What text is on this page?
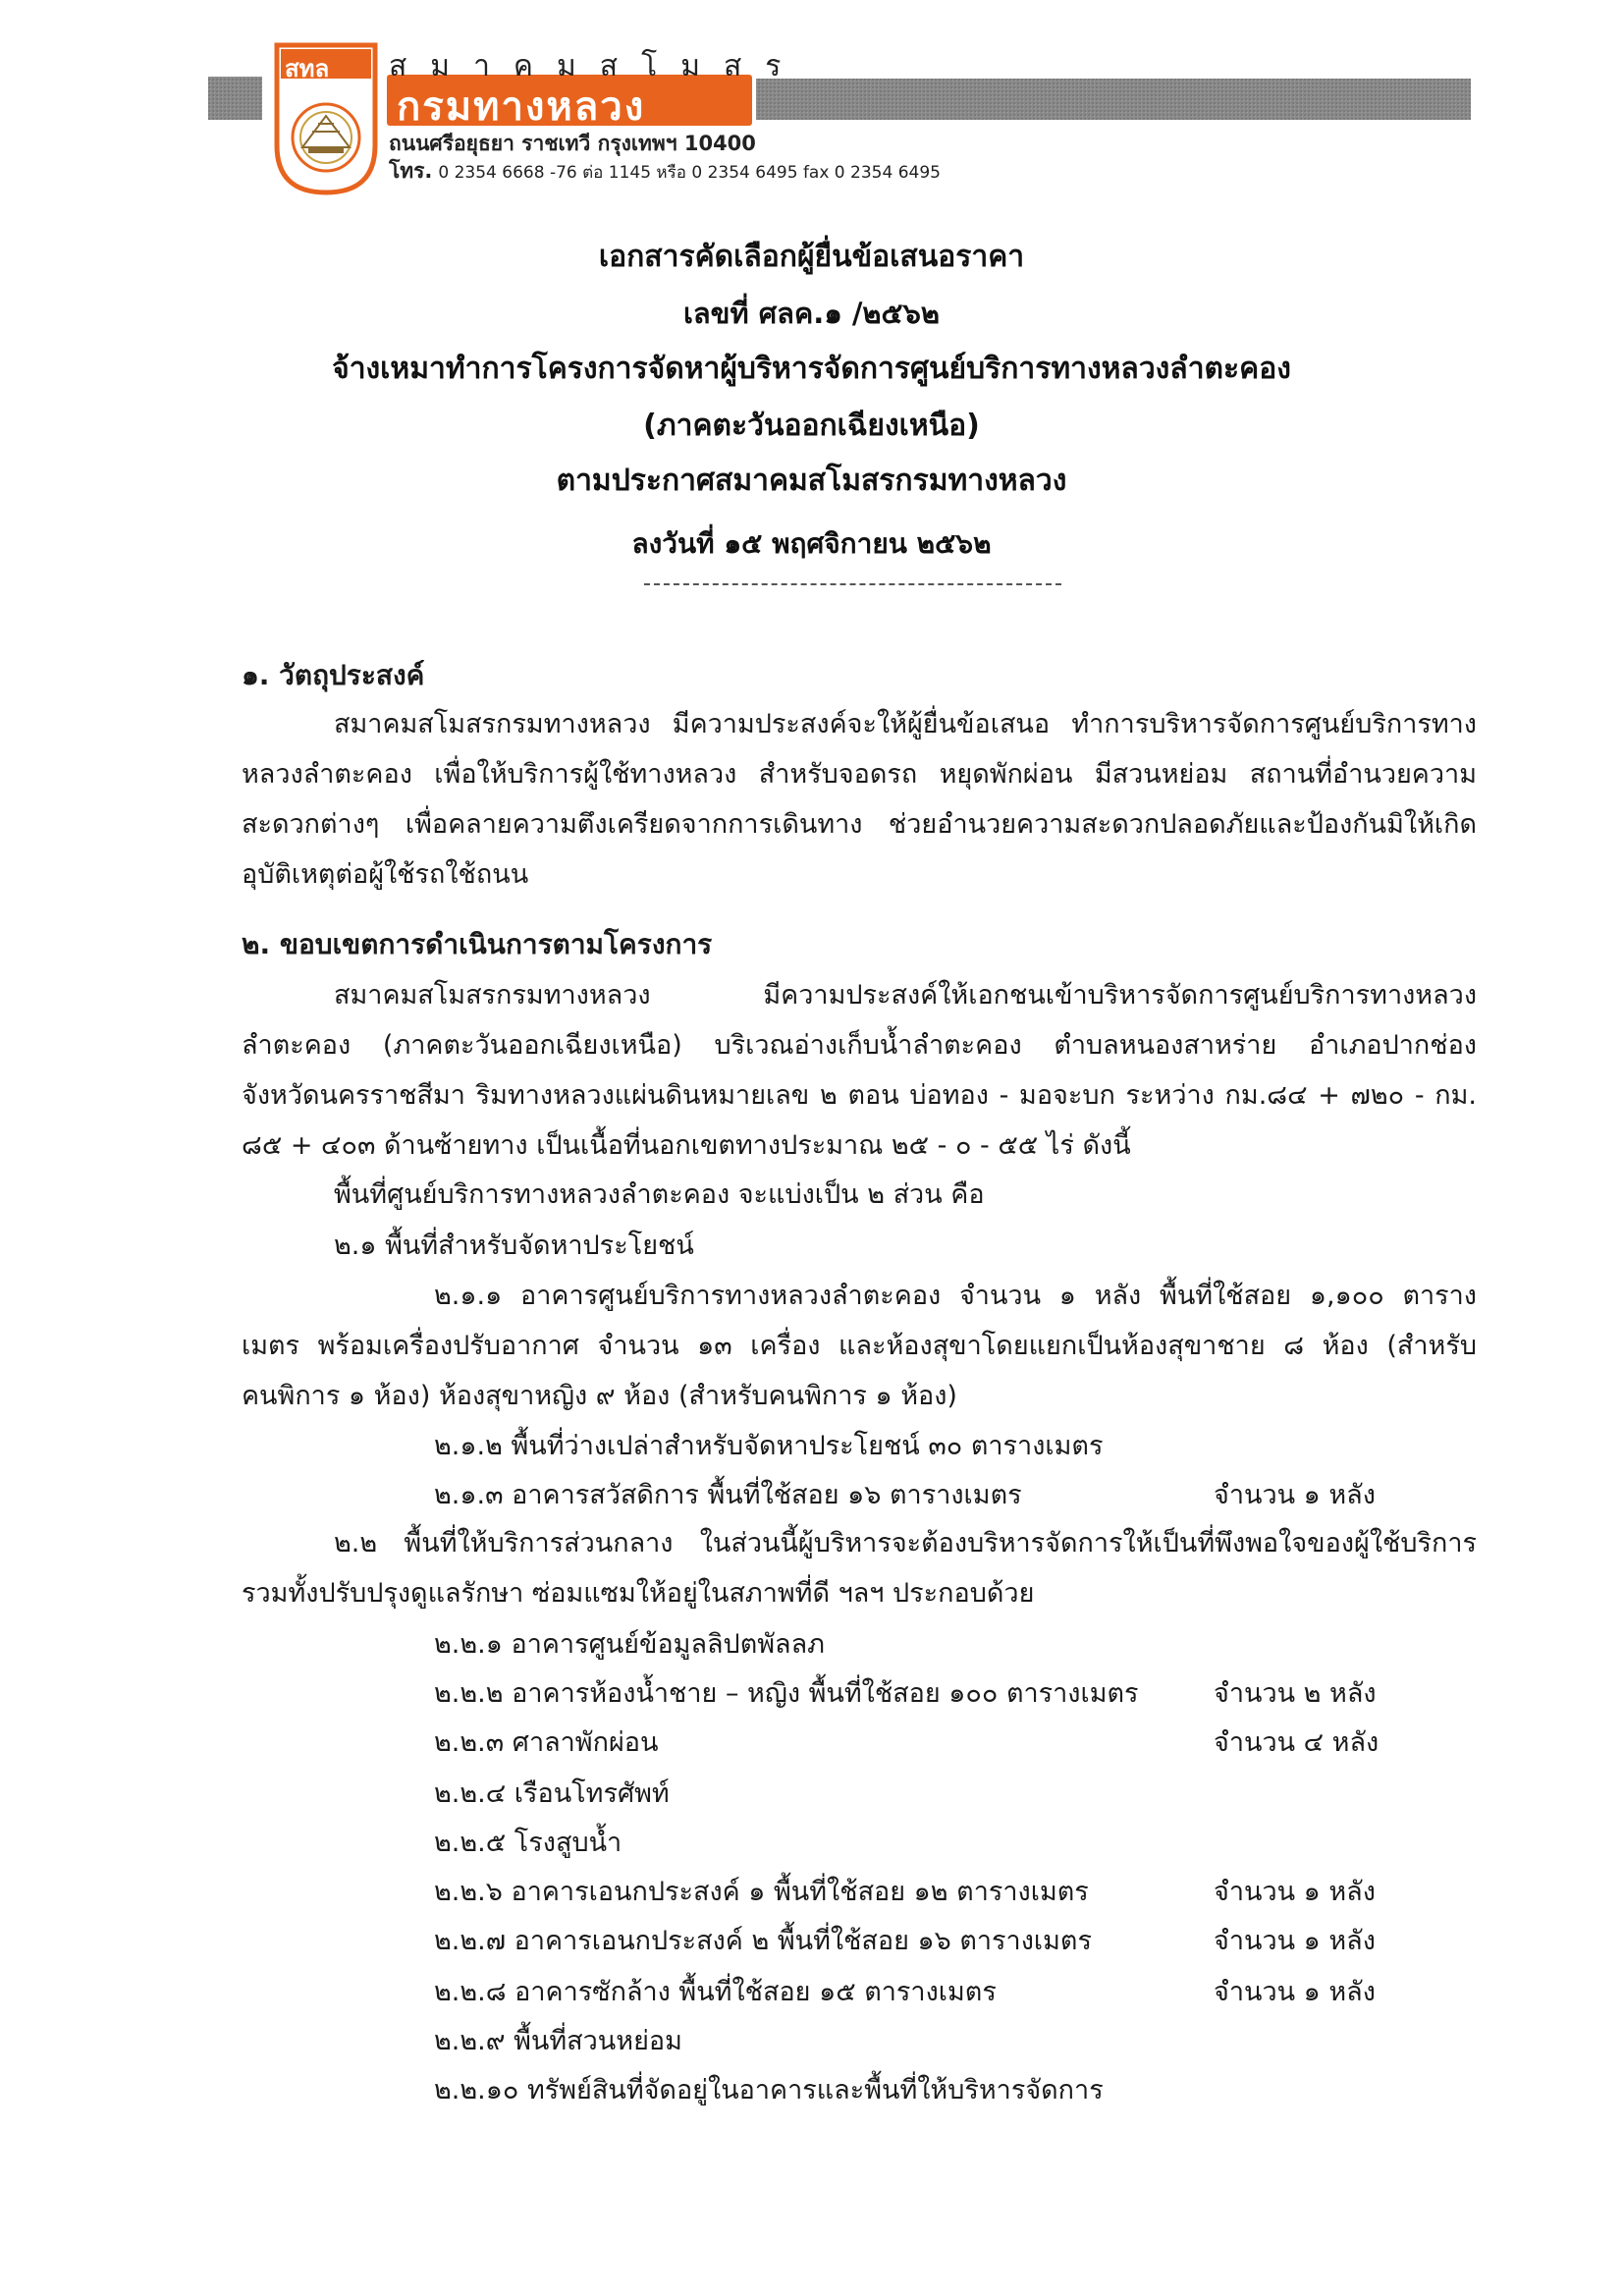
สทล สมาคมสโมสร
กรมทางหลวง
ถนนศรีอยุธยา ราชเทวี กรุงเทพฯ 10400
โทร. 0 2354 6668 -76 ต่อ 1145 หรือ 0 2354 6495 fax 0 2354 6495
เอกสารคัดเลือกผู้ยื่นข้อเสนอราคา
เลขที่ ศลค.๑ /๒๕๖๒
จ้างเหมาทำการโครงการจัดหาผู้บริหารจัดการศูนย์บริการทางหลวงลำตะคอง
(ภาคตะวันออกเฉียงเหนือ)
ตามประกาศสมาคมสโมสรกรมทางหลวง
ลงวันที่ ๑๕ พฤศจิกายน ๒๕๖๒
๑. วัตถุประสงค์
สมาคมสโมสรกรมทางหลวง มีความประสงค์จะให้ผู้ยื่นข้อเสนอ ทำการบริหารจัดการศูนย์บริการทาง
หลวงลำตะคอง เพื่อให้บริการผู้ใช้ทางหลวง สำหรับจอดรถ หยุดพักผ่อน มีสวนหย่อม สถานที่อำนวยความ
สะดวกต่างๆ เพื่อคลายความตึงเครียดจากการเดินทาง ช่วยอำนวยความสะดวกปลอดภัยและป้องกันมิให้เกิด
อุบัติเหตุต่อผู้ใช้รถใช้ถนน
๒. ขอบเขตการดำเนินการตามโครงการ
สมาคมสโมสรกรมทางหลวง มีความประสงค์ให้เอกชนเข้าบริหารจัดการศูนย์บริการทางหลวง
ลำตะคอง (ภาคตะวันออกเฉียงเหนือ) บริเวณอ่างเก็บน้ำลำตะคอง ตำบลหนองสาหร่าย อำเภอปากช่อง
จังหวัดนครราชสีมา ริมทางหลวงแผ่นดินหมายเลข ๒ ตอน บ่อทอง - มอจะบก ระหว่าง กม.๘๔ + ๗๒๐ - กม.
๘๕ + ๔๐๓ ด้านซ้ายทาง เป็นเนื้อที่นอกเขตทางประมาณ ๒๕ - ๐ - ๕๕ ไร่ ดังนี้
พื้นที่ศูนย์บริการทางหลวงลำตะคอง จะแบ่งเป็น ๒ ส่วน คือ
๒.๑ พื้นที่สำหรับจัดหาประโยชน์
๒.๑.๑ อาคารศูนย์บริการทางหลวงลำตะคอง จำนวน ๑ หลัง พื้นที่ใช้สอย ๑,๑๐๐ ตาราง
เมตร พร้อมเครื่องปรับอากาศ จำนวน ๑๓ เครื่อง และห้องสุขาโดยแยกเป็นห้องสุขาชาย ๘ ห้อง (สำหรับ
คนพิการ ๑ ห้อง) ห้องสุขาหญิง ๙ ห้อง (สำหรับคนพิการ ๑ ห้อง)
๒.๑.๒ พื้นที่ว่างเปล่าสำหรับจัดหาประโยชน์ ๓๐ ตารางเมตร
๒.๑.๓ อาคารสวัสดิการ พื้นที่ใช้สอย ๑๖ ตารางเมตร	จำนวน ๑ หลัง
๒.๒ พื้นที่ให้บริการส่วนกลาง ในส่วนนี้ผู้บริหารจะต้องบริหารจัดการให้เป็นที่พึงพอใจของผู้ใช้บริการ
รวมทั้งปรับปรุงดูแลรักษา ซ่อมแซมให้อยู่ในสภาพที่ดี ฯลฯ ประกอบด้วย
๒.๒.๑ อาคารศูนย์ข้อมูลลิปตพัลลภ
๒.๒.๒ อาคารห้องน้ำชาย – หญิง พื้นที่ใช้สอย ๑๐๐ ตารางเมตร	จำนวน ๒ หลัง
๒.๒.๓ ศาลาพักผ่อน	จำนวน ๔ หลัง
๒.๒.๔ เรือนโทรศัพท์
๒.๒.๕ โรงสูบน้ำ
๒.๒.๖ อาคารเอนกประสงค์ ๑ พื้นที่ใช้สอย ๑๒ ตารางเมตร	จำนวน ๑ หลัง
๒.๒.๗ อาคารเอนกประสงค์ ๒ พื้นที่ใช้สอย ๑๖ ตารางเมตร	จำนวน ๑ หลัง
๒.๒.๘ อาคารซักล้าง พื้นที่ใช้สอย ๑๕ ตารางเมตร	จำนวน ๑ หลัง
๒.๒.๙ พื้นที่สวนหย่อม
๒.๒.๑๐ ทรัพย์สินที่จัดอยู่ในอาคารและพื้นที่ให้บริหารจัดการ
